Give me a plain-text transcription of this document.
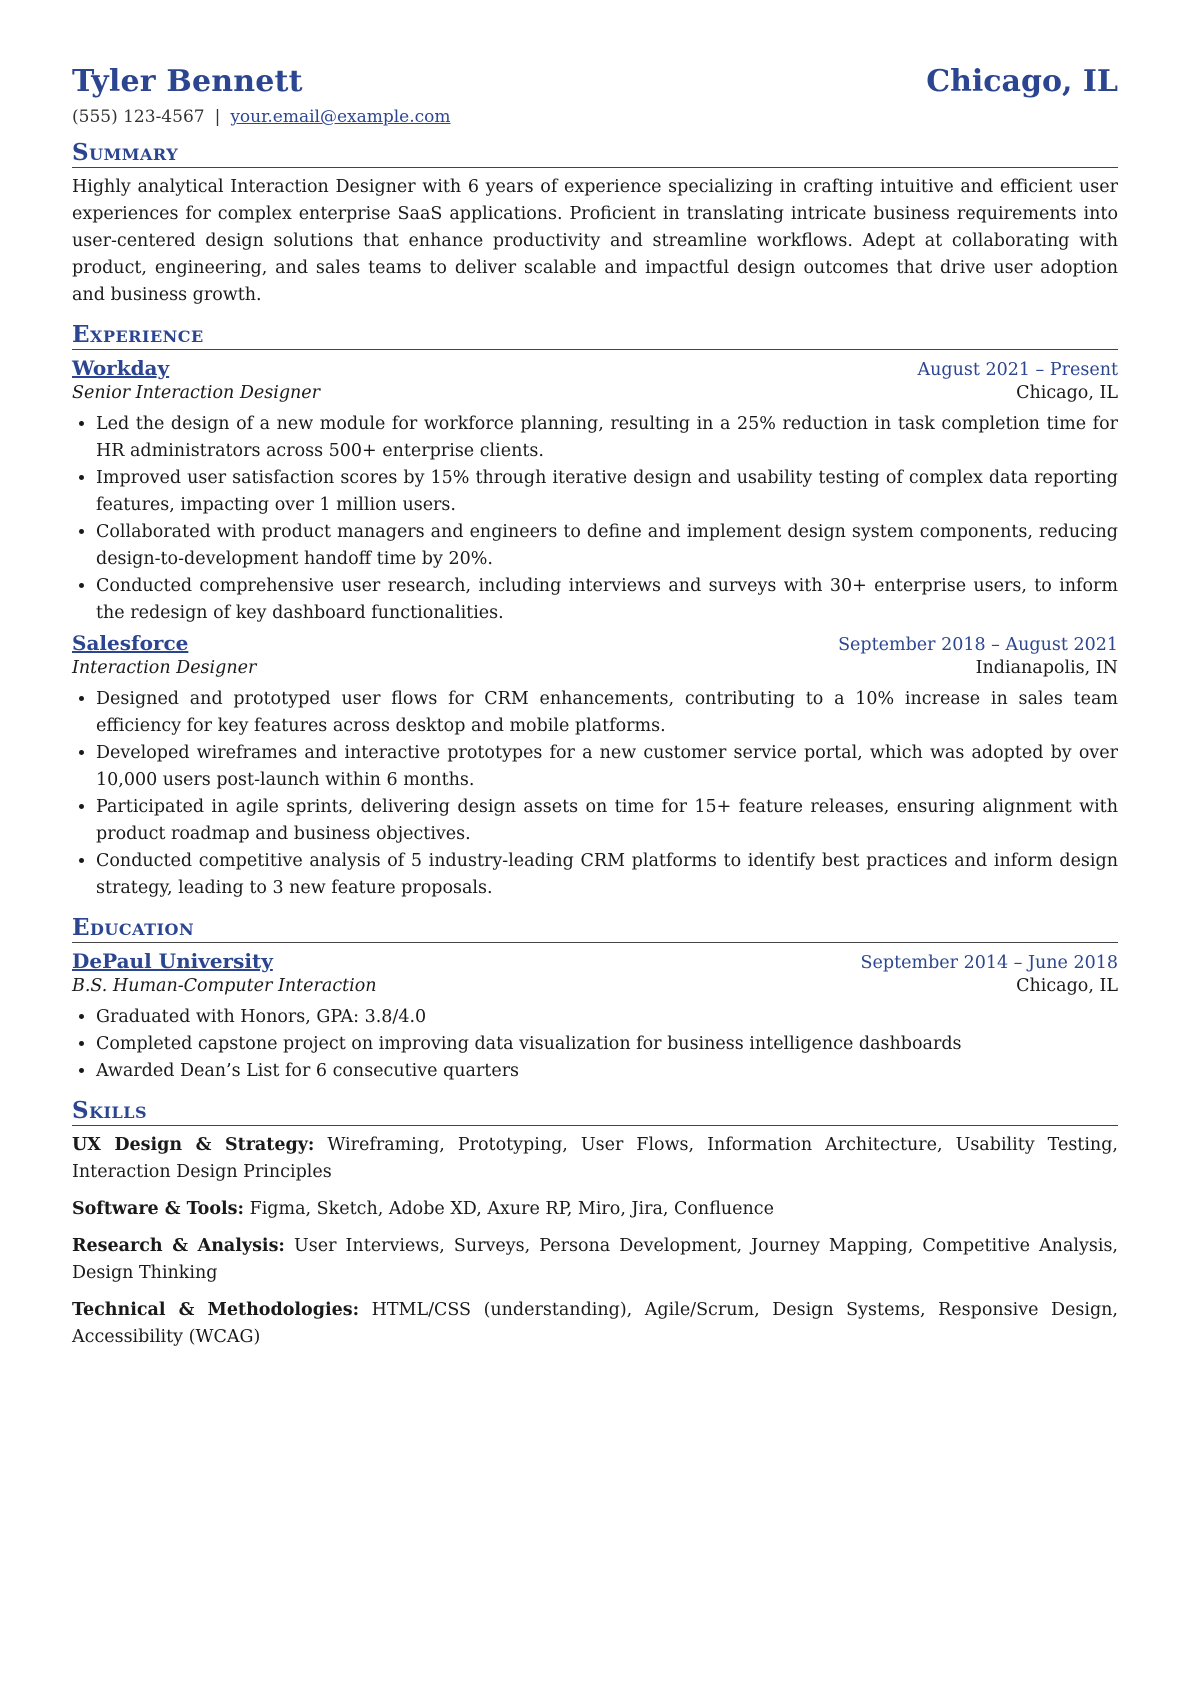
Tyler Bennett	Chicago, IL
(555) 123-4567 | your.email@example.com
Summary
Highly analytical Interaction Designer with 6 years of experience specializing in crafting intuitive and efficient user experiences for complex enterprise SaaS applications. Proficient in translating intricate business requirements into user-centered design solutions that enhance productivity and streamline workflows. Adept at collaborating with product, engineering, and sales teams to deliver scalable and impactful design outcomes that drive user adoption and business growth.
Experience
Workday	August 2021 – Present
Senior Interaction Designer	Chicago, IL
• Led the design of a new module for workforce planning, resulting in a 25% reduction in task completion time for HR administrators across 500+ enterprise clients.
• Improved user satisfaction scores by 15% through iterative design and usability testing of complex data reporting features, impacting over 1 million users.
• Collaborated with product managers and engineers to define and implement design system components, reducing design-to-development handoff time by 20%.
• Conducted comprehensive user research, including interviews and surveys with 30+ enterprise users, to inform the redesign of key dashboard functionalities.
Salesforce	September 2018 – August 2021
Interaction Designer	Indianapolis, IN
• Designed and prototyped user flows for CRM enhancements, contributing to a 10% increase in sales team efficiency for key features across desktop and mobile platforms.
• Developed wireframes and interactive prototypes for a new customer service portal, which was adopted by over 10,000 users post-launch within 6 months.
• Participated in agile sprints, delivering design assets on time for 15+ feature releases, ensuring alignment with product roadmap and business objectives.
• Conducted competitive analysis of 5 industry-leading CRM platforms to identify best practices and inform design strategy, leading to 3 new feature proposals.
Education
DePaul University	September 2014 – June 2018
B.S. Human-Computer Interaction	Chicago, IL
• Graduated with Honors, GPA: 3.8/4.0
• Completed capstone project on improving data visualization for business intelligence dashboards
• Awarded Dean’s List for 6 consecutive quarters
Skills
UX Design & Strategy: Wireframing, Prototyping, User Flows, Information Architecture, Usability Testing, Interaction Design Principles
Software & Tools: Figma, Sketch, Adobe XD, Axure RP, Miro, Jira, Confluence
Research & Analysis: User Interviews, Surveys, Persona Development, Journey Mapping, Competitive Analysis, Design Thinking
Technical & Methodologies: HTML/CSS (understanding), Agile/Scrum, Design Systems, Responsive Design, Accessibility (WCAG)
